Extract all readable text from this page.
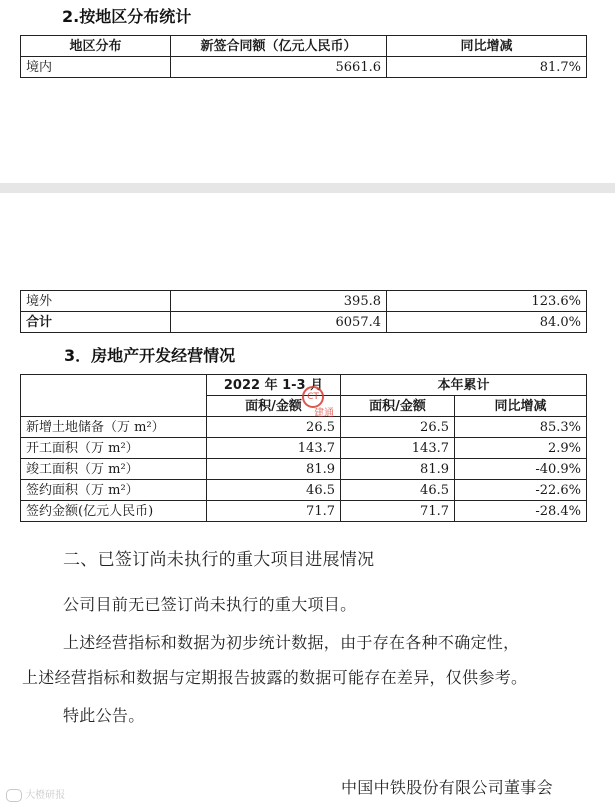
2.按地区分布统计
地区分布	新签合同额（亿元人民币）	同比增减
境内	5661.6	81.7%
境外	395.8	123.6%
合计	6057.4	84.0%
3．房地产开发经营情况
	2022 年 1-3 月	本年累计	
	面积/金额	面积/金额	同比增减
新增土地储备（万 m²）	26.5	26.5	85.3%
开工面积（万 m²）	143.7	143.7	2.9%
竣工面积（万 m²）	81.9	81.9	-40.9%
签约面积（万 m²）	46.5	46.5	-22.6%
签约金额(亿元人民币)	71.7	71.7	-28.4%
CT
建通
二、已签订尚未执行的重大项目进展情况
公司目前无已签订尚未执行的重大项目。
上述经营指标和数据为初步统计数据，由于存在各种不确定性，
上述经营指标和数据与定期报告披露的数据可能存在差异，仅供参考。
特此公告。
中国中铁股份有限公司董事会
大橙研报
